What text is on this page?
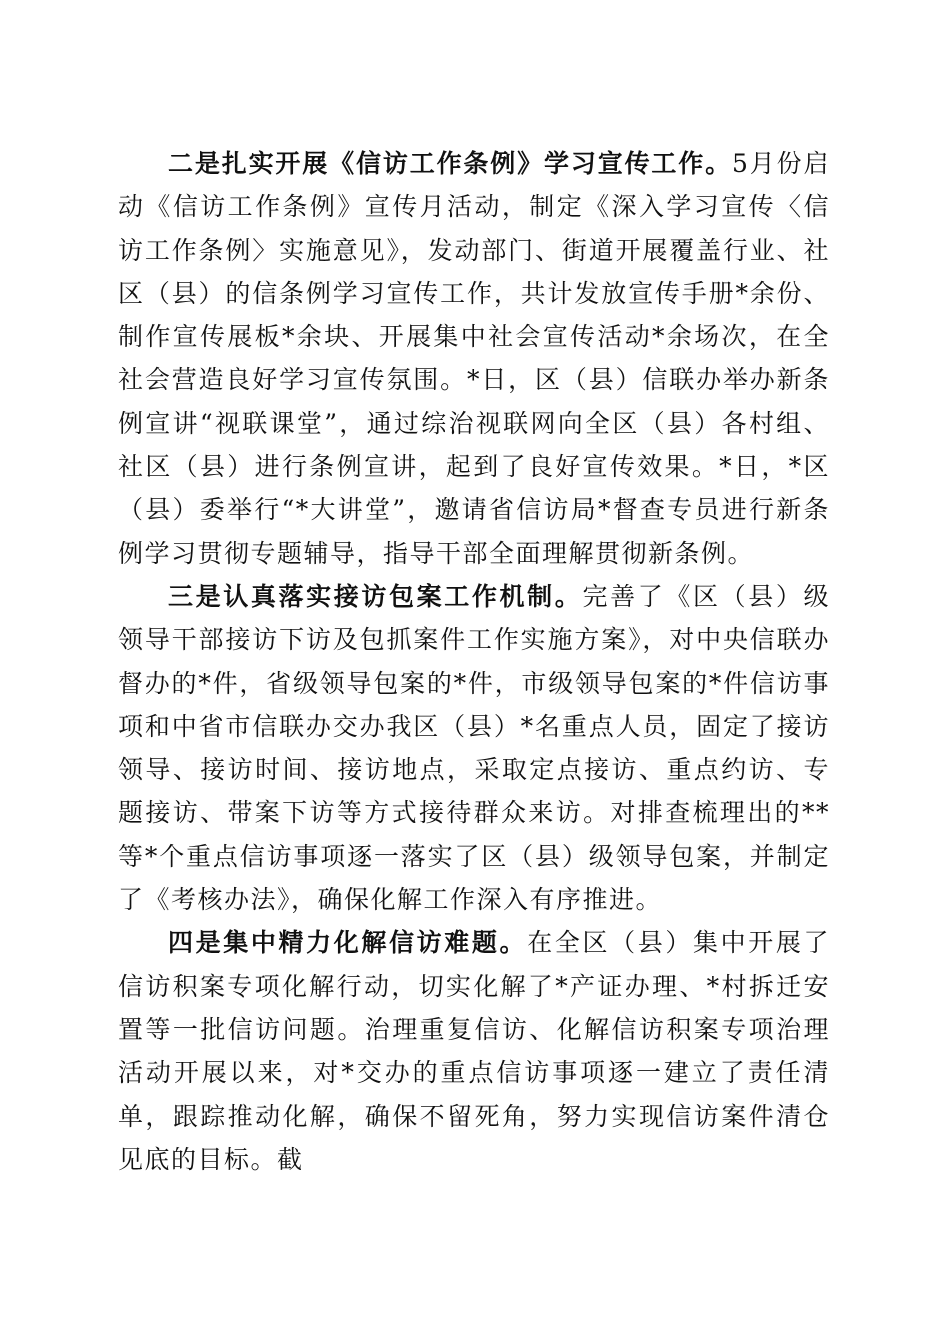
二是扎实开展《信访工作条例》学习宣传工作。5月份启动《信访工作条例》宣传月活动，制定《深入学习宣传〈信访工作条例〉实施意见》，发动部门、街道开展覆盖行业、社区（县）的信条例学习宣传工作，共计发放宣传手册*余份、制作宣传展板*余块、开展集中社会宣传活动*余场次，在全社会营造良好学习宣传氛围。*日，区（县）信联办举办新条例宣讲“视联课堂”，通过综治视联网向全区（县）各村组、社区（县）进行条例宣讲，起到了良好宣传效果。*日，*区（县）委举行“*大讲堂”，邀请省信访局*督查专员进行新条例学习贯彻专题辅导，指导干部全面理解贯彻新条例。

三是认真落实接访包案工作机制。完善了《区（县）级领导干部接访下访及包抓案件工作实施方案》，对中央信联办督办的*件，省级领导包案的*件，市级领导包案的*件信访事项和中省市信联办交办我区（县）*名重点人员，固定了接访领导、接访时间、接访地点，采取定点接访、重点约访、专题接访、带案下访等方式接待群众来访。对排查梳理出的**等*个重点信访事项逐一落实了区（县）级领导包案，并制定了《考核办法》，确保化解工作深入有序推进。

四是集中精力化解信访难题。在全区（县）集中开展了信访积案专项化解行动，切实化解了*产证办理、*村拆迁安置等一批信访问题。治理重复信访、化解信访积案专项治理活动开展以来，对*交办的重点信访事项逐一建立了责任清单，跟踪推动化解，确保不留死角，努力实现信访案件清仓见底的目标。截
